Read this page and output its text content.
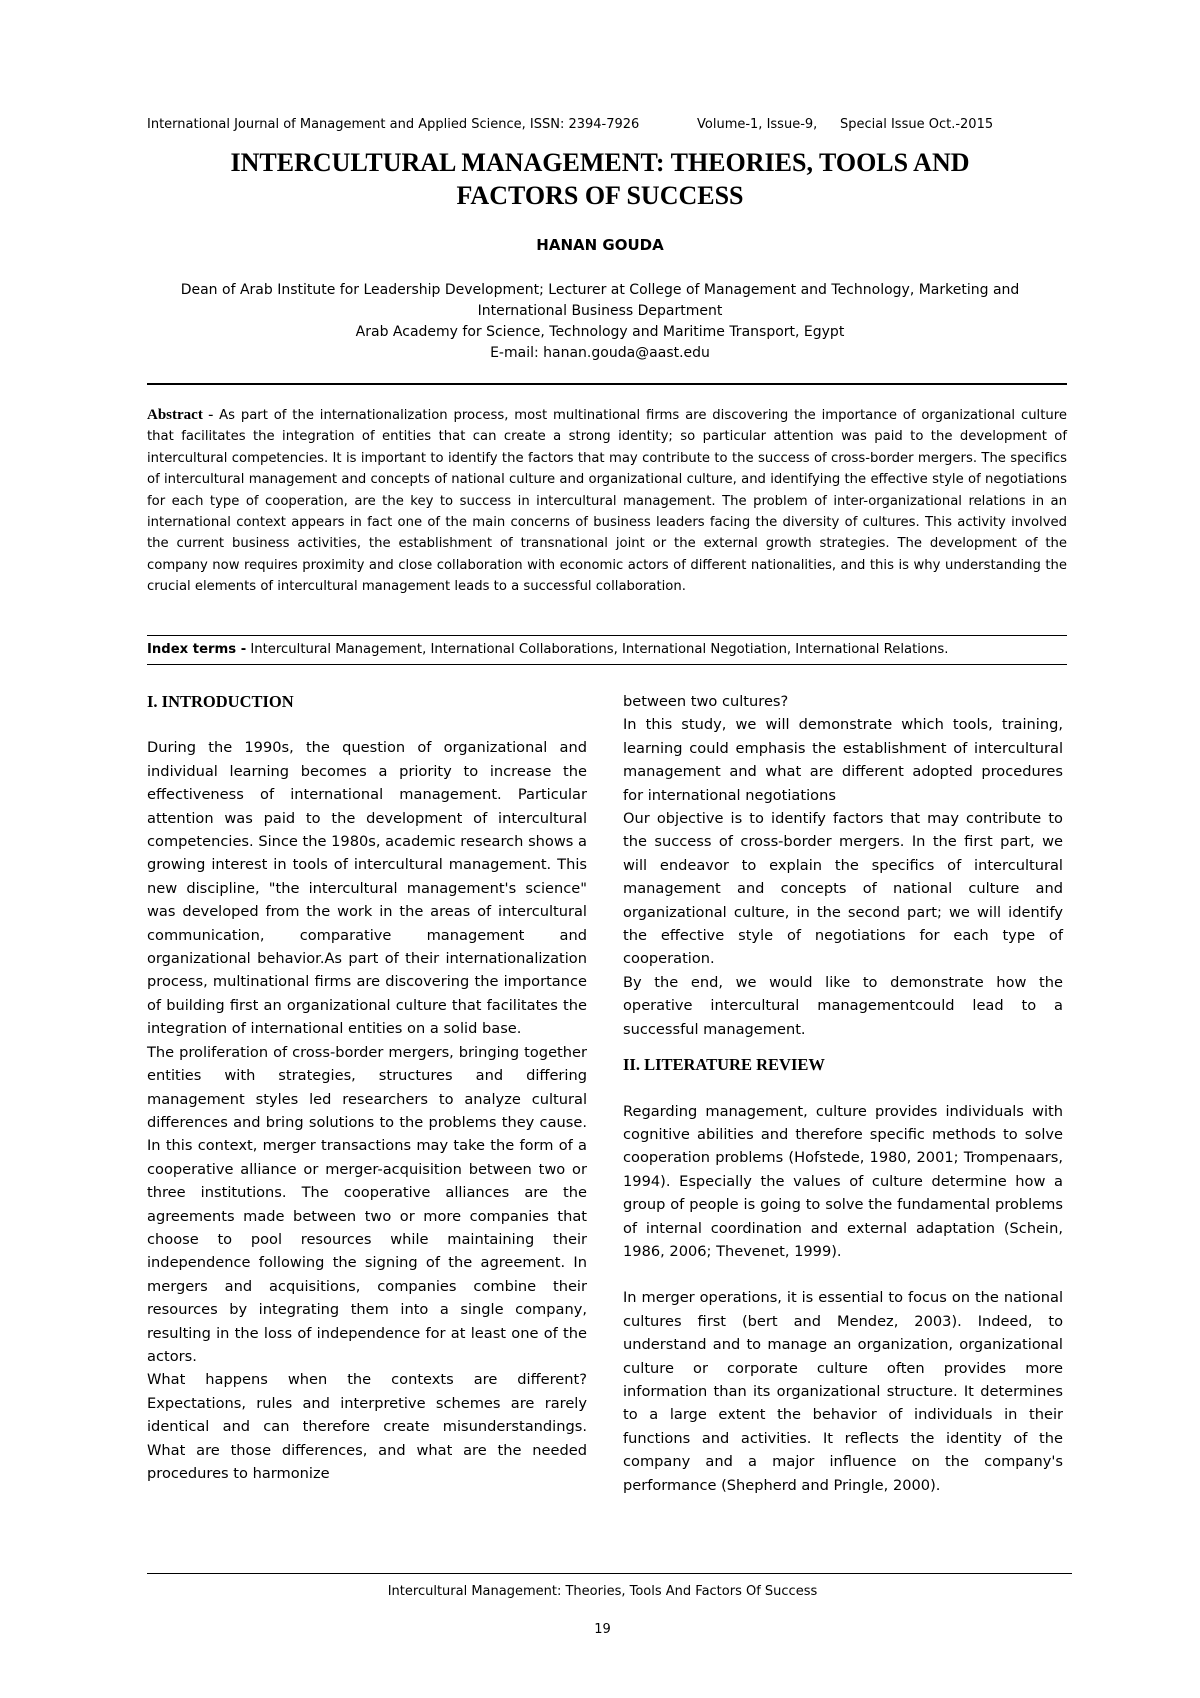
International Journal of Management and Applied Science, ISSN: 2394-7926	Volume-1, Issue-9, Special Issue Oct.-2015
INTERCULTURAL MANAGEMENT: THEORIES, TOOLS AND
FACTORS OF SUCCESS
HANAN GOUDA
Dean of Arab Institute for Leadership Development; Lecturer at College of Management and Technology, Marketing and
International Business Department
Arab Academy for Science, Technology and Maritime Transport, Egypt
E-mail: hanan.gouda@aast.edu
Abstract - As part of the internationalization process, most multinational firms are discovering the importance of organizational culture that facilitates the integration of entities that can create a strong identity; so particular attention was paid to the development of intercultural competencies. It is important to identify the factors that may contribute to the success of cross-border mergers. The specifics of intercultural management and concepts of national culture and organizational culture, and identifying the effective style of negotiations for each type of cooperation, are the key to success in intercultural management. The problem of inter-organizational relations in an international context appears in fact one of the main concerns of business leaders facing the diversity of cultures. This activity involved the current business activities, the establishment of transnational joint or the external growth strategies. The development of the company now requires proximity and close collaboration with economic actors of different nationalities, and this is why understanding the crucial elements of intercultural management leads to a successful collaboration.
Index terms - Intercultural Management, International Collaborations, International Negotiation, International Relations.
I. INTRODUCTION

During the 1990s, the question of organizational and individual learning becomes a priority to increase the effectiveness of international management. Particular attention was paid to the development of intercultural competencies. Since the 1980s, academic research shows a growing interest in tools of intercultural management. This new discipline, "the intercultural management's science" was developed from the work in the areas of intercultural communication, comparative management and organizational behavior.As part of their internationalization process, multinational firms are discovering the importance of building first an organizational culture that facilitates the integration of international entities on a solid base.

The proliferation of cross-border mergers, bringing together entities with strategies, structures and differing management styles led researchers to analyze cultural differences and bring solutions to the problems they cause. In this context, merger transactions may take the form of a cooperative alliance or merger-acquisition between two or three institutions. The cooperative alliances are the agreements made between two or more companies that choose to pool resources while maintaining their independence following the signing of the agreement. In mergers and acquisitions, companies combine their resources by integrating them into a single company, resulting in the loss of independence for at least one of the actors.

What happens when the contexts are different? Expectations, rules and interpretive schemes are rarely identical and can therefore create misunderstandings. What are those differences, and what are the needed procedures to harmonize

between two cultures?

In this study, we will demonstrate which tools, training, learning could emphasis the establishment of intercultural management and what are different adopted procedures for international negotiations

Our objective is to identify factors that may contribute to the success of cross-border mergers. In the first part, we will endeavor to explain the specifics of intercultural management and concepts of national culture and organizational culture, in the second part; we will identify the effective style of negotiations for each type of cooperation.

By the end, we would like to demonstrate how the operative intercultural managementcould lead to a successful management.

II. LITERATURE REVIEW

Regarding management, culture provides individuals with cognitive abilities and therefore specific methods to solve cooperation problems (Hofstede, 1980, 2001; Trompenaars, 1994). Especially the values of culture determine how a group of people is going to solve the fundamental problems of internal coordination and external adaptation (Schein, 1986, 2006; Thevenet, 1999).

In merger operations, it is essential to focus on the national cultures first (bert and Mendez, 2003). Indeed, to understand and to manage an organization, organizational culture or corporate culture often provides more information than its organizational structure. It determines to a large extent the behavior of individuals in their functions and activities. It reflects the identity of the company and a major influence on the company's performance (Shepherd and Pringle, 2000).

Intercultural Management: Theories, Tools And Factors Of Success
19
